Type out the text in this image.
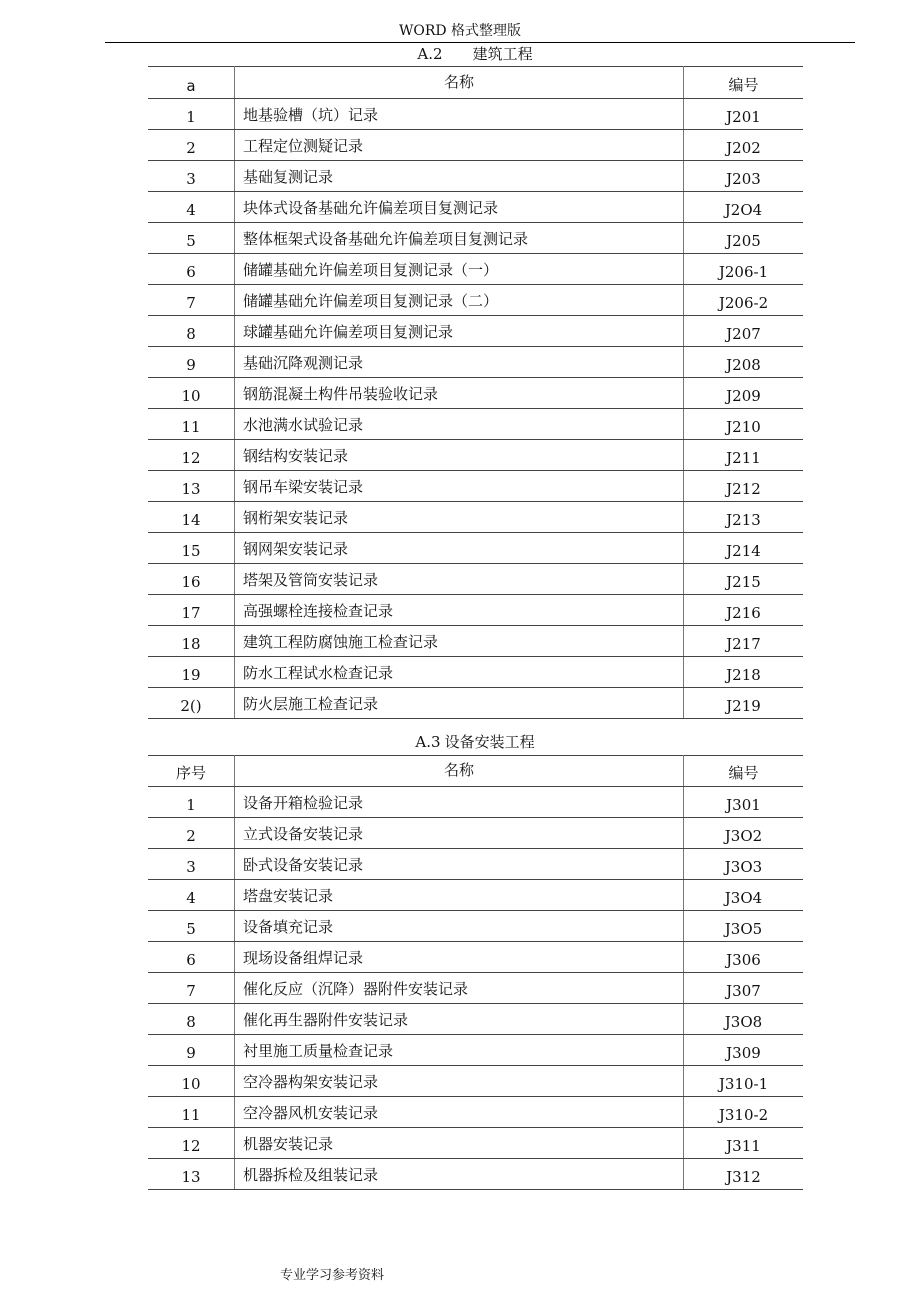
WORD 格式整理版
A.2 建筑工程
a	名称	编号
1	地基验槽（坑）记录	J201
2	工程定位测疑记录	J202
3	基础复测记录	J203
4	块体式设备基础允许偏差项目复测记录	J2O4
5	整体框架式设备基础允许偏差项目复测记录	J205
6	储罐基础允许偏差项目复测记录（一）	J206-1
7	储罐基础允许偏差项目复测记录（二）	J206-2
8	球罐基础允许偏差项目复测记录	J207
9	基础沉降观测记录	J208
10	钢筋混凝土构件吊装验收记录	J209
11	水池满水试验记录	J210
12	钢结构安装记录	J211
13	钢吊车梁安装记录	J212
14	钢桁架安装记录	J213
15	钢网架安装记录	J214
16	塔架及管筒安装记录	J215
17	高强螺栓连接检查记录	J216
18	建筑工程防腐蚀施工检查记录	J217
19	防水工程试水检查记录	J218
2()	防火层施工检查记录	J219
A.3 设备安装工程
序号	名称	编号
1	设备开箱检验记录	J301
2	立式设备安装记录	J3O2
3	卧式设备安装记录	J3O3
4	塔盘安装记录	J3O4
5	设备填充记录	J3O5
6	现场设备组焊记录	J306
7	催化反应（沉降）器附件安装记录	J307
8	催化再生器附件安装记录	J3O8
9	衬里施工质量检查记录	J309
10	空冷器构架安装记录	J310-1
11	空冷器风机安装记录	J310-2
12	机器安装记录	J311
13	机器拆检及组装记录	J312
专业学习参考资料
